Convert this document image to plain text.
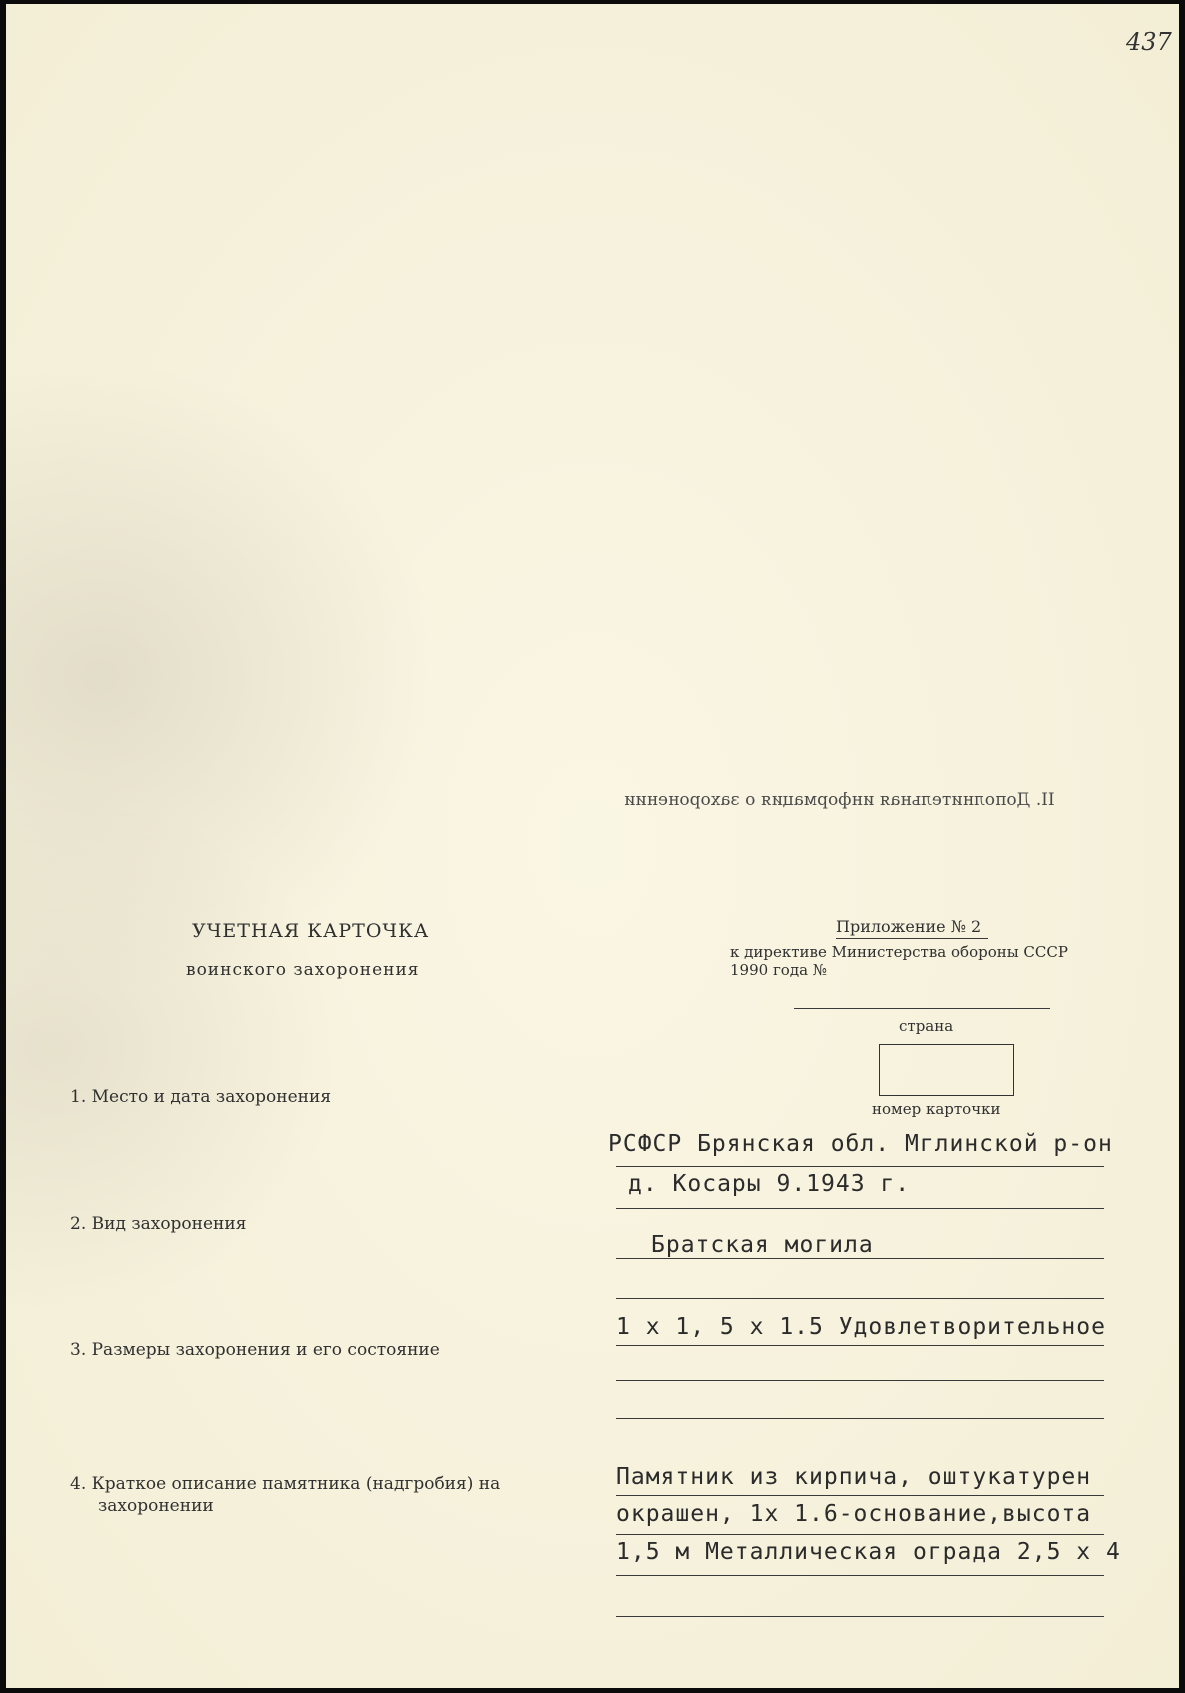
437
II. Дополнительная информация о захоронении
УЧЕТНАЯ КАРТОЧКА
воинского захоронения
Приложение № 2
к директиве Министерства обороны СССР
1990 года №
страна
номер карточки
1. Место и дата захоронения
РСФСР Брянская обл. Мглинской р-он
д. Косары 9.1943 г.
2. Вид захоронения
Братская могила
1 х 1, 5 х 1.5 Удовлетворительное
3. Размеры захоронения и его состояние
4. Краткое описание памятника (надгробия) на
захоронении
Памятник из кирпича, оштукатурен
окрашен, 1х 1.6-основание,высота
1,5 м Металлическая ограда 2,5 х 4
